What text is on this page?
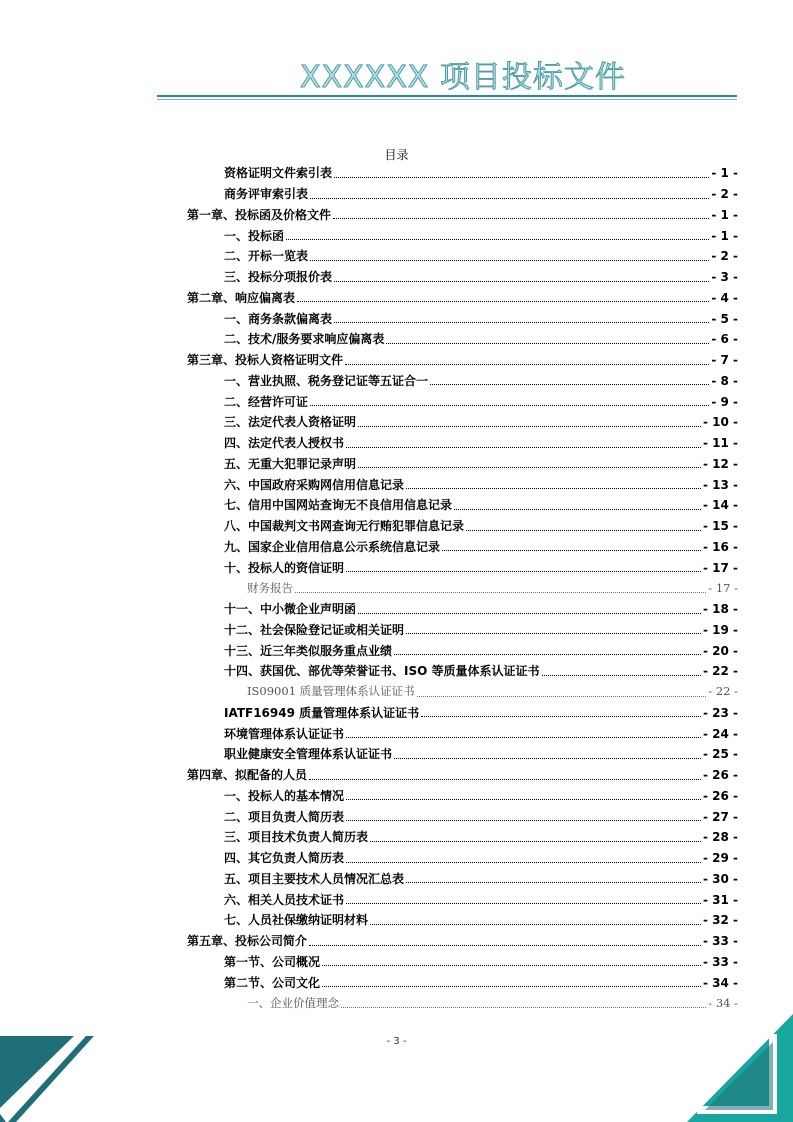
XXXXXX 项目投标文件
目录
资格证明文件索引表	- 1 -
商务评审索引表	- 2 -
第一章、投标函及价格文件	- 1 -
一、投标函	- 1 -
二、开标一览表	- 2 -
三、投标分项报价表	- 3 -
第二章、响应偏离表	- 4 -
一、商务条款偏离表	- 5 -
二、技术/服务要求响应偏离表	- 6 -
第三章、投标人资格证明文件	- 7 -
一、营业执照、税务登记证等五证合一	- 8 -
二、经营许可证	- 9 -
三、法定代表人资格证明	- 10 -
四、法定代表人授权书	- 11 -
五、无重大犯罪记录声明	- 12 -
六、中国政府采购网信用信息记录	- 13 -
七、信用中国网站查询无不良信用信息记录	- 14 -
八、中国裁判文书网查询无行贿犯罪信息记录	- 15 -
九、国家企业信用信息公示系统信息记录	- 16 -
十、投标人的资信证明	- 17 -
财务报告	- 17 -
十一、中小微企业声明函	- 18 -
十二、社会保险登记证或相关证明	- 19 -
十三、近三年类似服务重点业绩	- 20 -
十四、获国优、部优等荣誉证书、ISO 等质量体系认证证书	- 22 -
IS09001 质量管理体系认证证书	- 22 -
IATF16949 质量管理体系认证证书	- 23 -
环境管理体系认证证书	- 24 -
职业健康安全管理体系认证证书	- 25 -
第四章、拟配备的人员	- 26 -
一、投标人的基本情况	- 26 -
二、项目负责人简历表	- 27 -
三、项目技术负责人简历表	- 28 -
四、其它负责人简历表	- 29 -
五、项目主要技术人员情况汇总表	- 30 -
六、相关人员技术证书	- 31 -
七、人员社保缴纳证明材料	- 32 -
第五章、投标公司简介	- 33 -
第一节、公司概况	- 33 -
第二节、公司文化	- 34 -
一、企业价值理念	- 34 -
- 3 -
